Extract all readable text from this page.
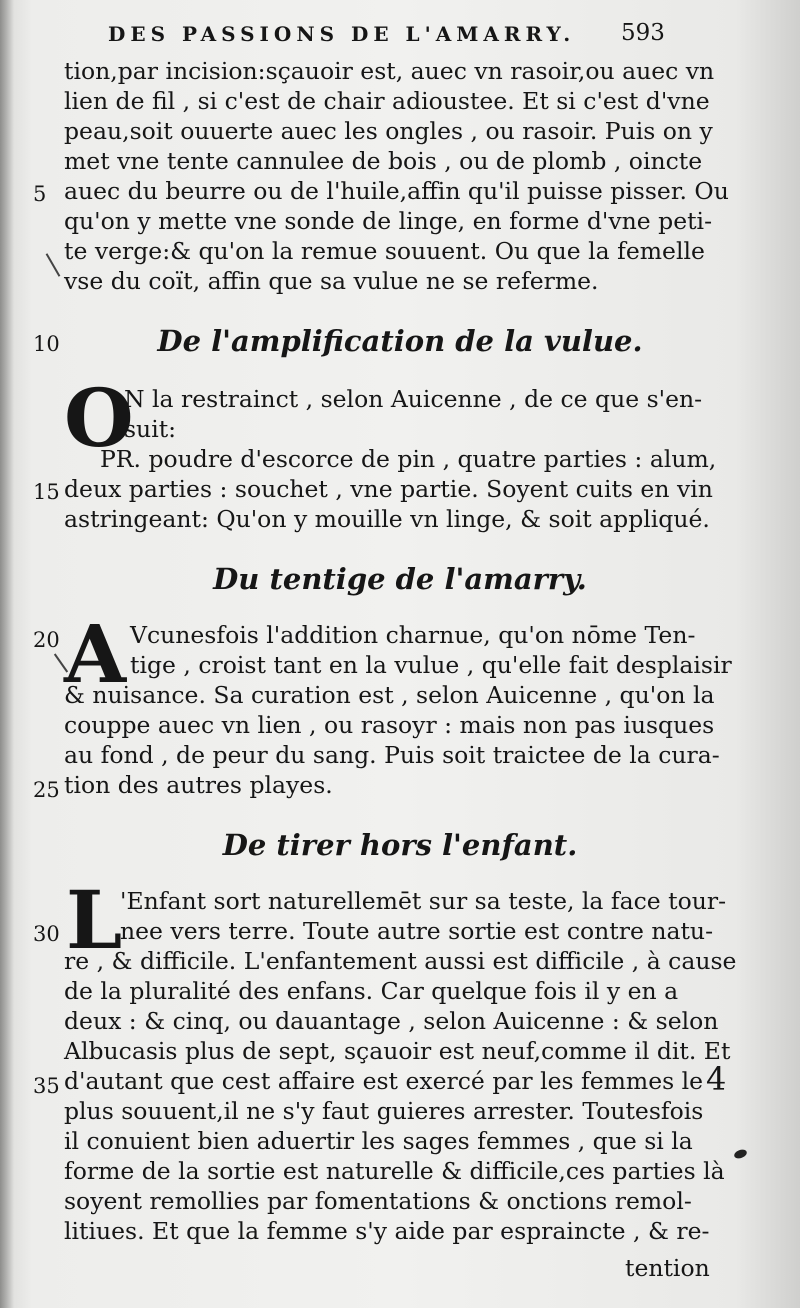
DES PASSIONS DE L'AMARRY. 593
tion,par incision:sçauoir est, auec vn rasoir,ou auec vn
lien de fil , si c'est de chair adioustee. Et si c'est d'vne
peau,soit ouuerte auec les ongles , ou rasoir. Puis on y
met vne tente cannulee de bois , ou de plomb , oincte
auec du beurre ou de l'huile,affin qu'il puisse pisser. Ou
qu'on y mette vne sonde de linge, en forme d'vne peti-
te verge:& qu'on la remue souuent. Ou que la femelle
vse du coït, affin que sa vulue ne se referme.
De l'amplification de la vulue.
O
N la restrainct , selon Auicenne , de ce que s'en-
suit:
PR. poudre d'escorce de pin , quatre parties : alum,
deux parties : souchet , vne partie. Soyent cuits en vin
astringeant: Qu'on y mouille vn linge, & soit appliqué.
Du tentige de l'amarry.
A Vcunesfois l'addition charnue, qu'on nōme Ten-
tige , croist tant en la vulue , qu'elle fait desplaisir
& nuisance. Sa curation est , selon Auicenne , qu'on la
couppe auec vn lien , ou rasoyr : mais non pas iusques
au fond , de peur du sang. Puis soit traictee de la cura-
tion des autres playes.
De tirer hors l'enfant.
L
'Enfant sort naturellemēt sur sa teste, la face tour-
nee vers terre. Toute autre sortie est contre natu-
re , & difficile. L'enfantement aussi est difficile , à cause
de la pluralité des enfans. Car quelque fois il y en a
deux : & cinq, ou dauantage , selon Auicenne : & selon
Albucasis plus de sept, sçauoir est neuf,comme il dit. Et
d'autant que cest affaire est exercé par les femmes le
plus souuent,il ne s'y faut guieres arrester. Toutesfois
il conuient bien aduertir les sages femmes , que si la
forme de la sortie est naturelle & difficile,ces parties là
soyent remollies par fomentations & onctions remol-
litiues. Et que la femme s'y aide par espraincte , & re-
5
10
15
20
25
30
35	4
tention
